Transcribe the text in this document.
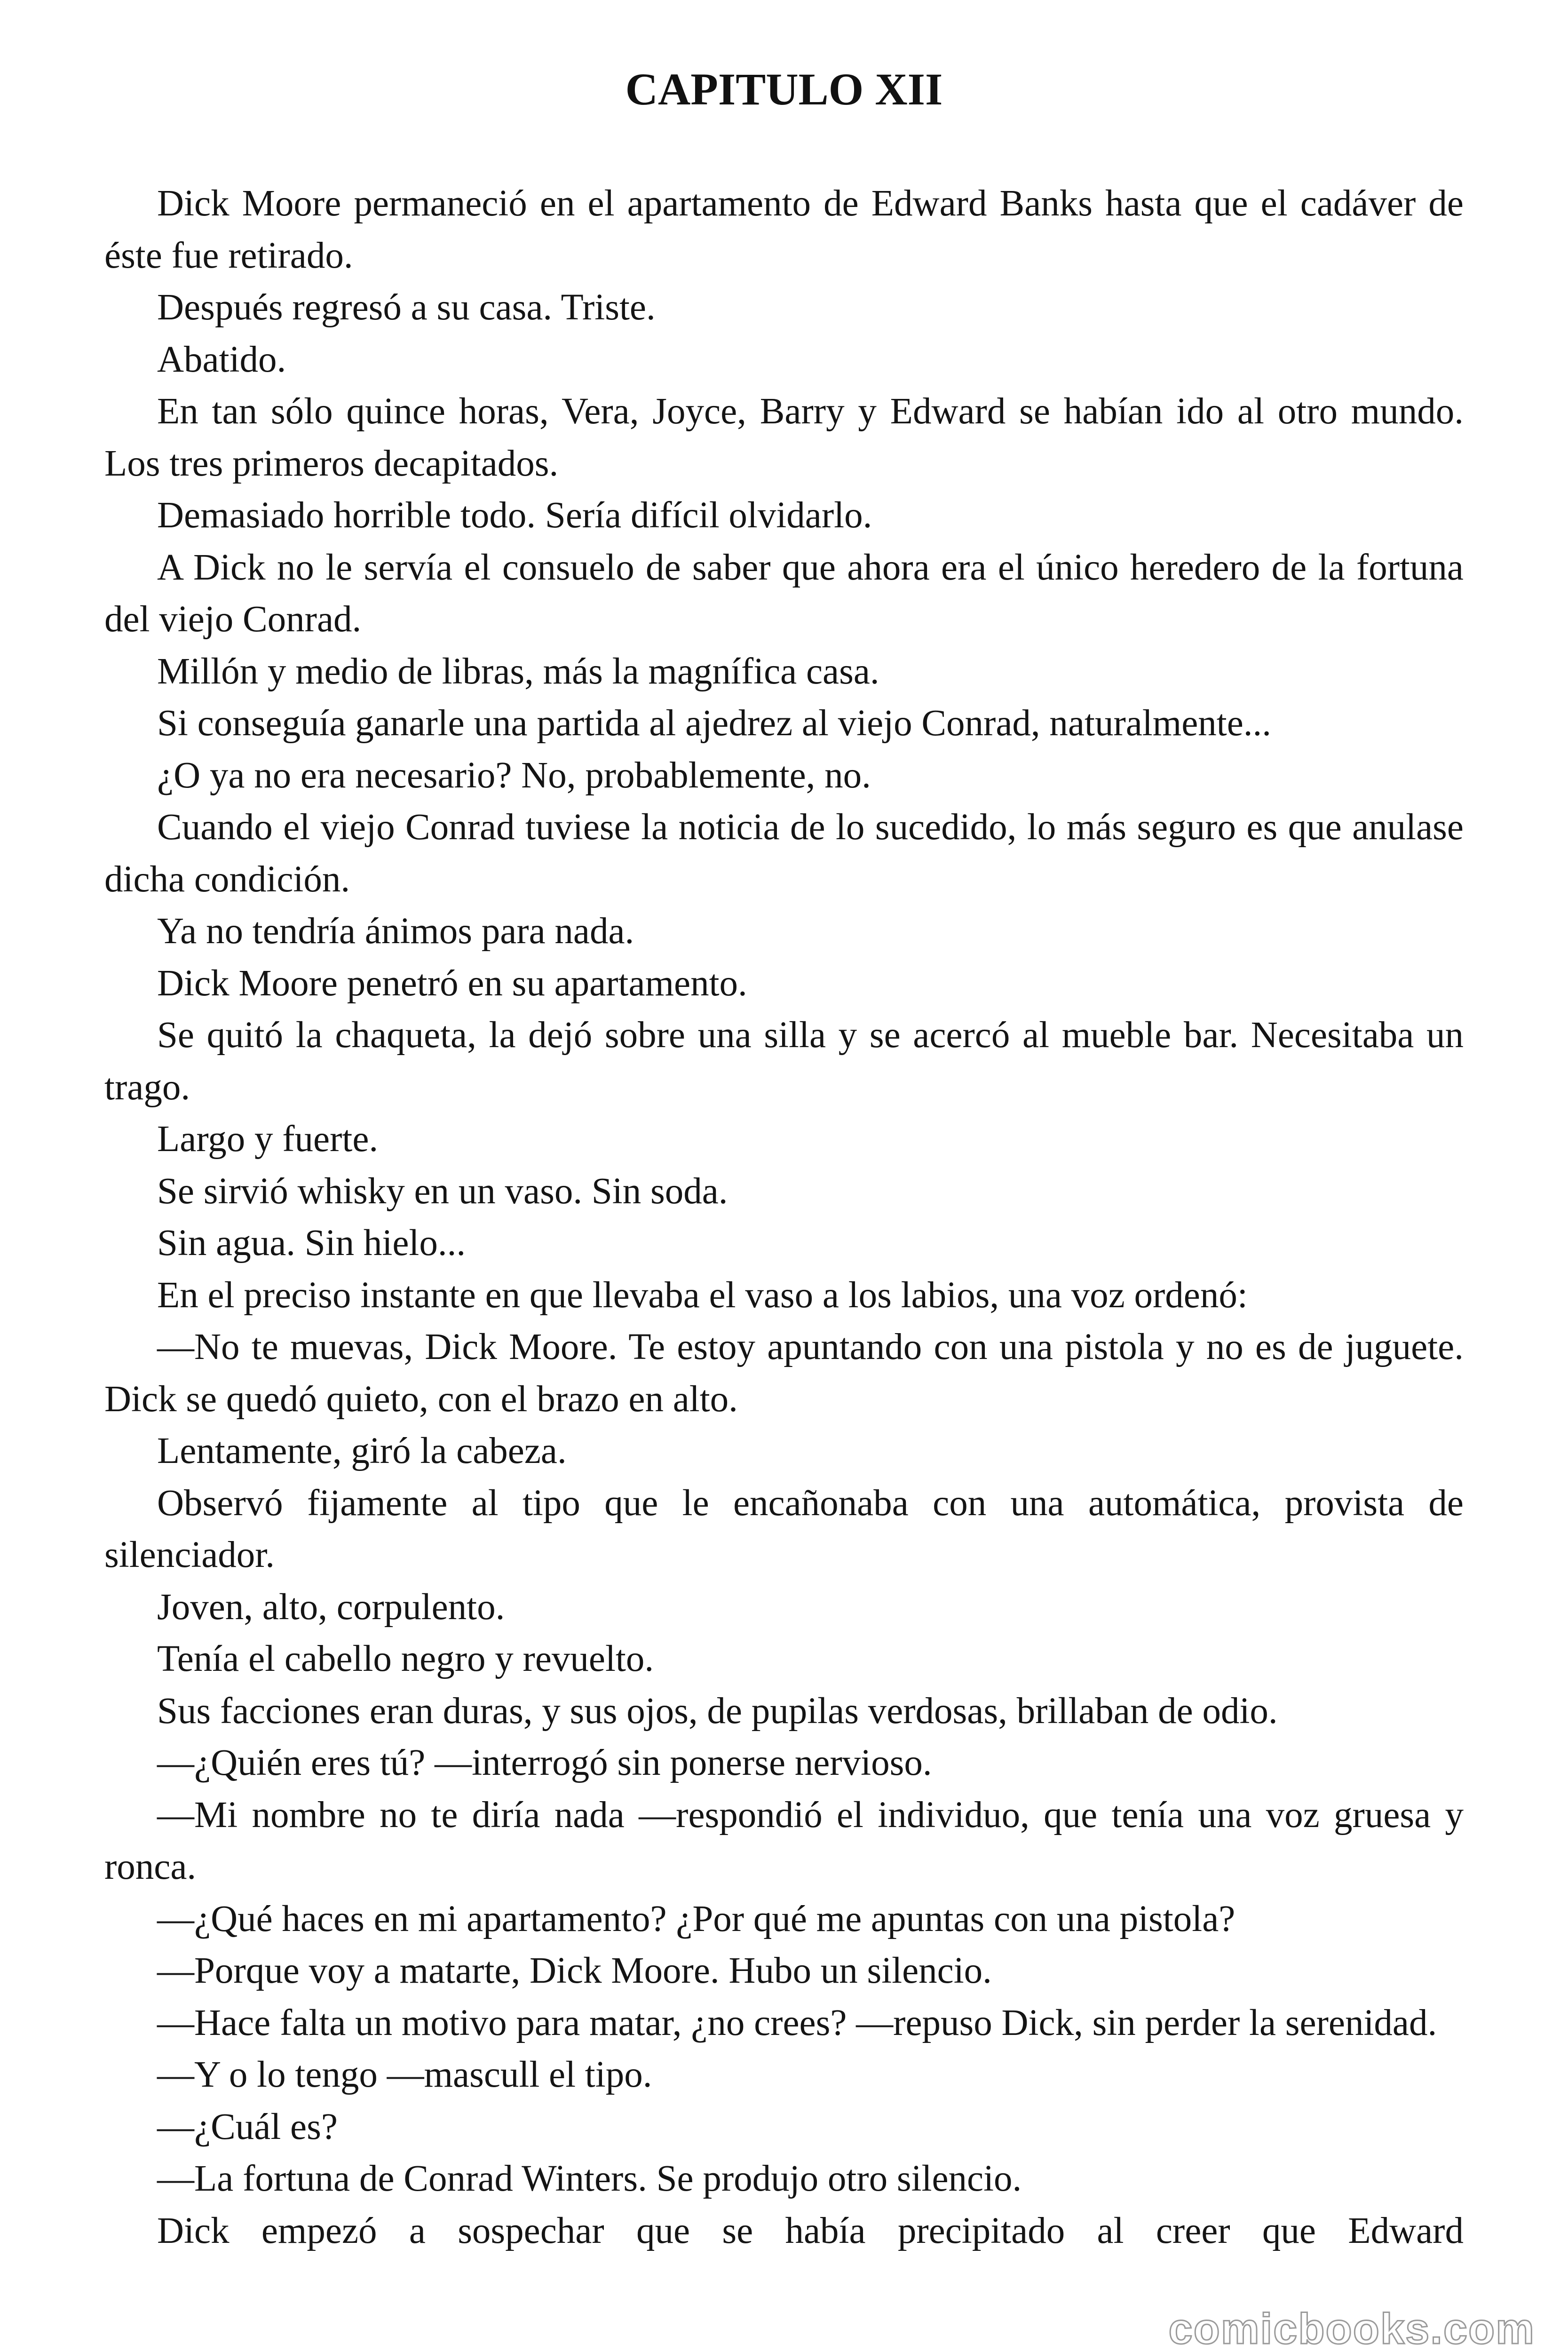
CAPITULO XII

Dick Moore permaneció en el apartamento de Edward Banks hasta que el cadáver de éste fue retirado.

Después regresó a su casa. Triste.

Abatido.

En tan sólo quince horas, Vera, Joyce, Barry y Edward se habían ido al otro mundo. Los tres primeros decapitados.

Demasiado horrible todo. Sería difícil olvidarlo.

A Dick no le servía el consuelo de saber que ahora era el único heredero de la fortuna del viejo Conrad.

Millón y medio de libras, más la magnífica casa.

Si conseguía ganarle una partida al ajedrez al viejo Conrad, naturalmente...

¿O ya no era necesario? No, probablemente, no.

Cuando el viejo Conrad tuviese la noticia de lo sucedido, lo más seguro es que anulase dicha condición.

Ya no tendría ánimos para nada.

Dick Moore penetró en su apartamento.

Se quitó la chaqueta, la dejó sobre una silla y se acercó al mueble bar. Necesitaba un trago.

Largo y fuerte.

Se sirvió whisky en un vaso. Sin soda.

Sin agua. Sin hielo...

En el preciso instante en que llevaba el vaso a los labios, una voz ordenó:

—No te muevas, Dick Moore. Te estoy apuntando con una pistola y no es de juguete. Dick se quedó quieto, con el brazo en alto.

Lentamente, giró la cabeza.

Observó fijamente al tipo que le encañonaba con una automática, provista de silenciador.

Joven, alto, corpulento.

Tenía el cabello negro y revuelto.

Sus facciones eran duras, y sus ojos, de pupilas verdosas, brillaban de odio.

—¿Quién eres tú? —interrogó sin ponerse nervioso.

—Mi nombre no te diría nada —respondió el individuo, que tenía una voz gruesa y ronca.

—¿Qué haces en mi apartamento? ¿Por qué me apuntas con una pistola?

—Porque voy a matarte, Dick Moore. Hubo un silencio.

—Hace falta un motivo para matar, ¿no crees? —repuso Dick, sin perder la serenidad.

—Y o lo tengo —mascull el tipo.

—¿Cuál es?

—La fortuna de Conrad Winters. Se produjo otro silencio.

Dick empezó a sospechar que se había precipitado al creer que Edward

comicbooks.com
